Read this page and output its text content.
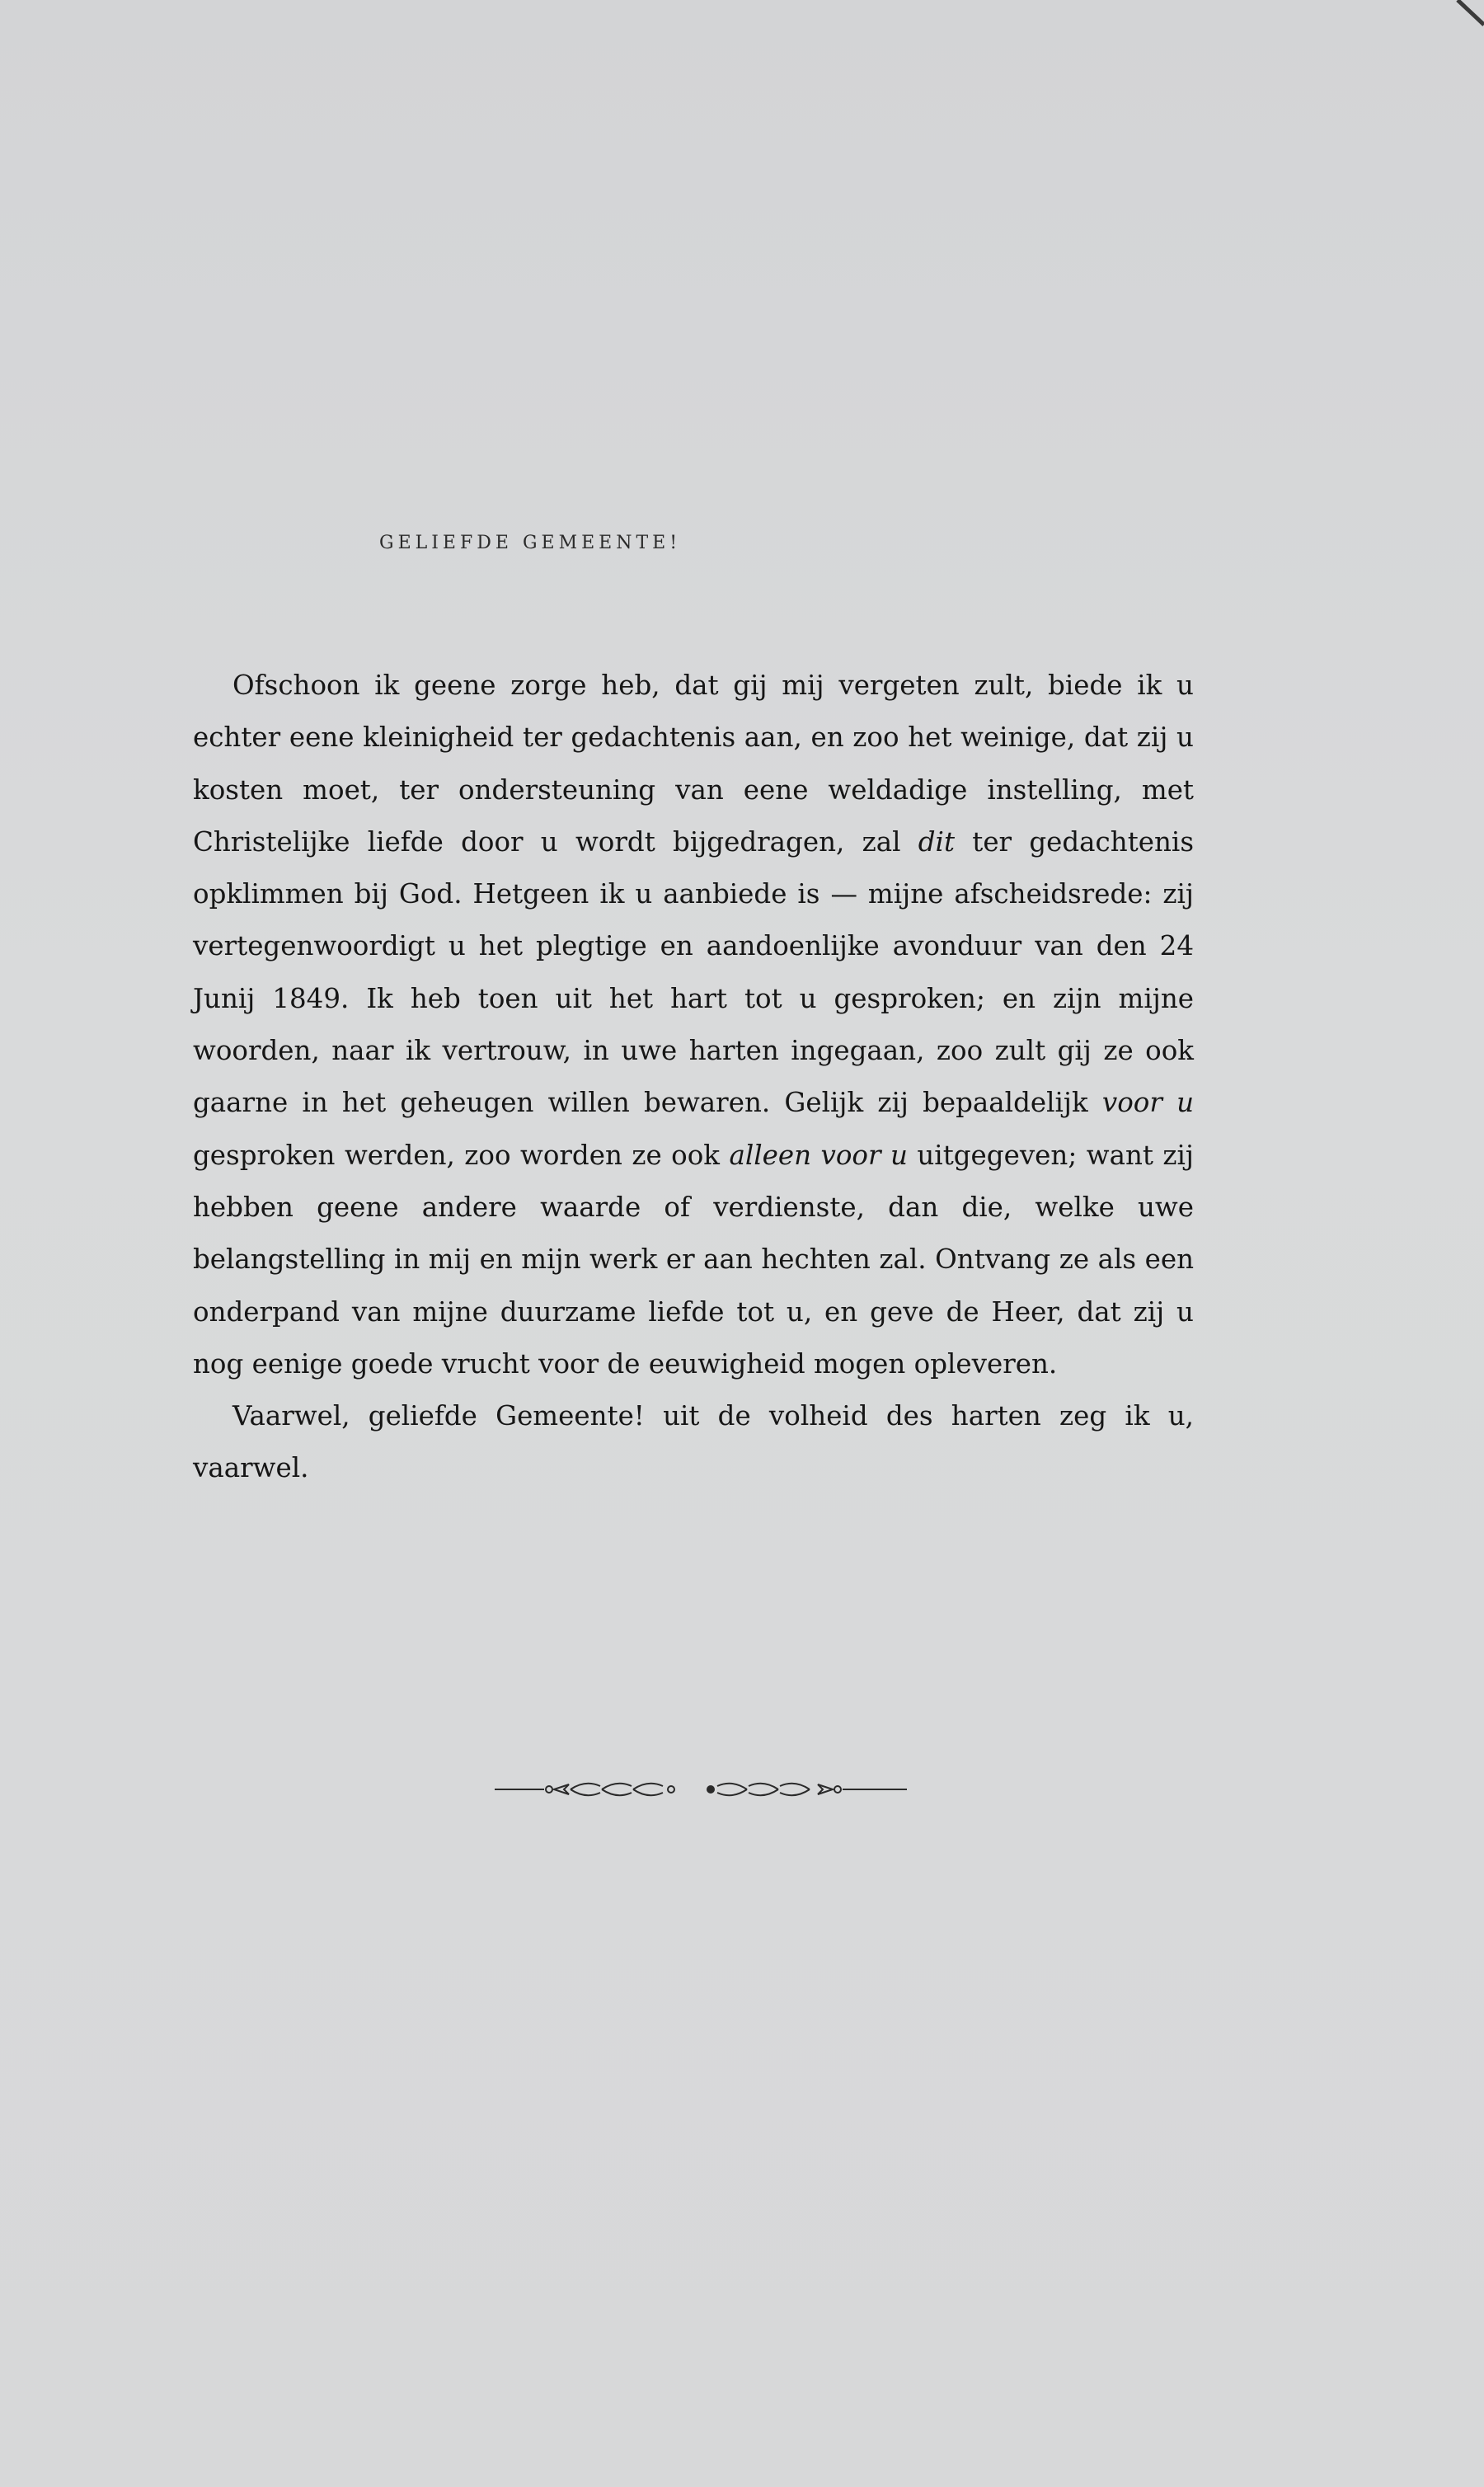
GELIEFDE GEMEENTE!

Ofschoon ik geene zorge heb, dat gij mij vergeten zult, biede ik u echter eene kleinigheid ter gedachtenis aan, en zoo het weinige, dat zij u kosten moet, ter ondersteuning van eene weldadige instelling, met Christelijke liefde door u wordt bijgedragen, zal dit ter gedachtenis opklimmen bij God. Hetgeen ik u aanbiede is — mijne afscheidsrede: zij vertegenwoordigt u het plegtige en aandoenlijke avonduur van den 24 Junij 1849. Ik heb toen uit het hart tot u gesproken; en zijn mijne woorden, naar ik vertrouw, in uwe harten ingegaan, zoo zult gij ze ook gaarne in het geheugen willen bewaren. Gelijk zij bepaaldelijk voor u gesproken werden, zoo worden ze ook alleen voor u uitgegeven; want zij hebben geene andere waarde of verdienste, dan die, welke uwe belangstelling in mij en mijn werk er aan hechten zal. Ontvang ze als een onderpand van mijne duurzame liefde tot u, en geve de Heer, dat zij u nog eenige goede vrucht voor de eeuwigheid mogen opleveren.

Vaarwel, geliefde Gemeente! uit de volheid des harten zeg ik u, vaarwel.
